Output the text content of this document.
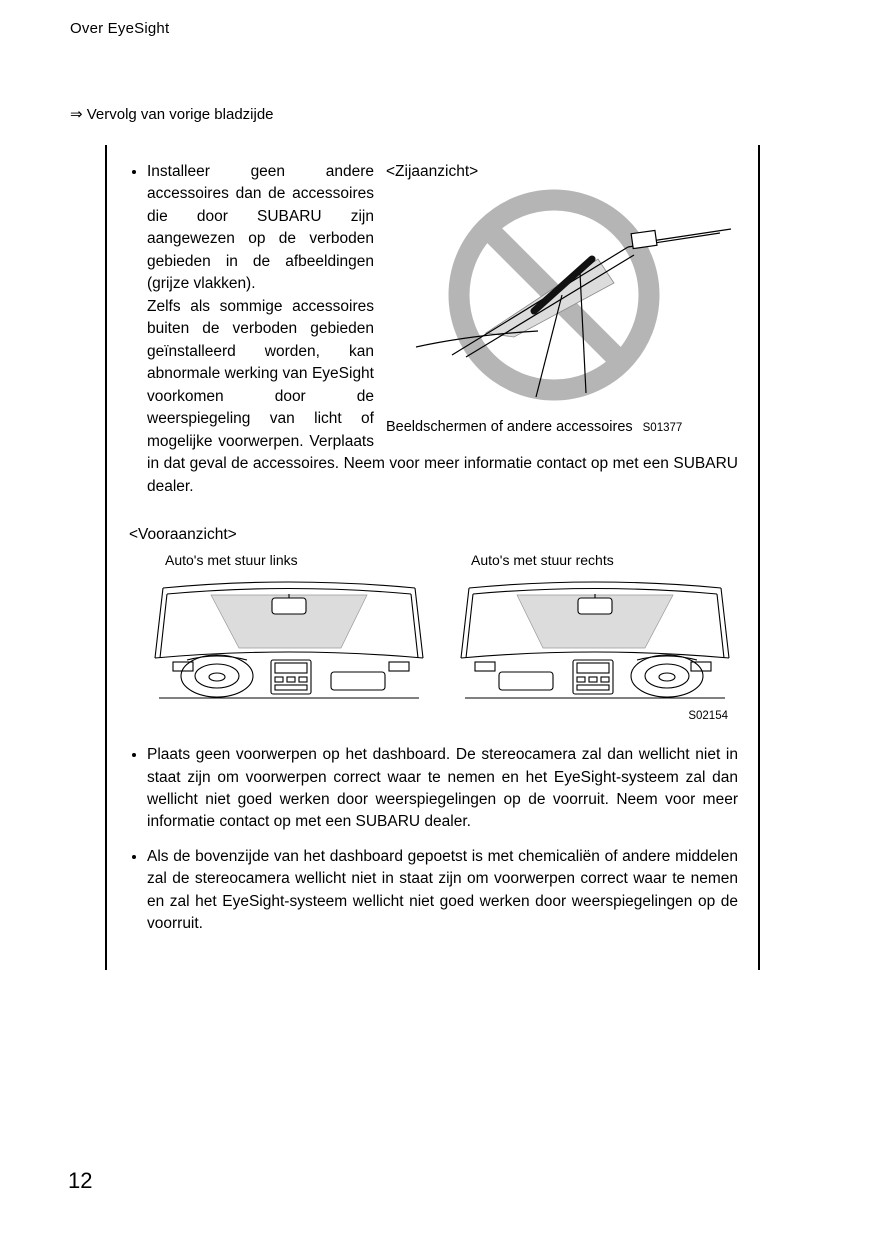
Over EyeSight
⇒ Vervolg van vorige bladzijde

• <Zijaanzicht>

Beeldschermen of andere accessoires S01377

Installeer geen andere accessoires dan de accessoires die door SUBARU zijn aangewezen op de verboden gebieden in de afbeeldingen (grijze vlakken).

Zelfs als sommige accessoires buiten de verboden gebieden geïnstalleerd worden, kan abnormale werking van EyeSight voorkomen door de weerspiegeling van licht of mogelijke voorwerpen. Verplaats in dat geval de accessoires. Neem voor meer informatie contact op met een SUBARU dealer.

<Vooraanzicht>

Auto's met stuur links	Auto's met stuur rechts

S02154

• Plaats geen voorwerpen op het dashboard. De stereocamera zal dan wellicht niet in staat zijn om voorwerpen correct waar te nemen en het EyeSight-systeem zal dan wellicht niet goed werken door weerspiegelingen op de voorruit. Neem voor meer informatie contact op met een SUBARU dealer.

• Als de bovenzijde van het dashboard gepoetst is met chemicaliën of andere middelen zal de stereocamera wellicht niet in staat zijn om voorwerpen correct waar te nemen en zal het EyeSight-systeem wellicht niet goed werken door weerspiegelingen op de voorruit.

12
